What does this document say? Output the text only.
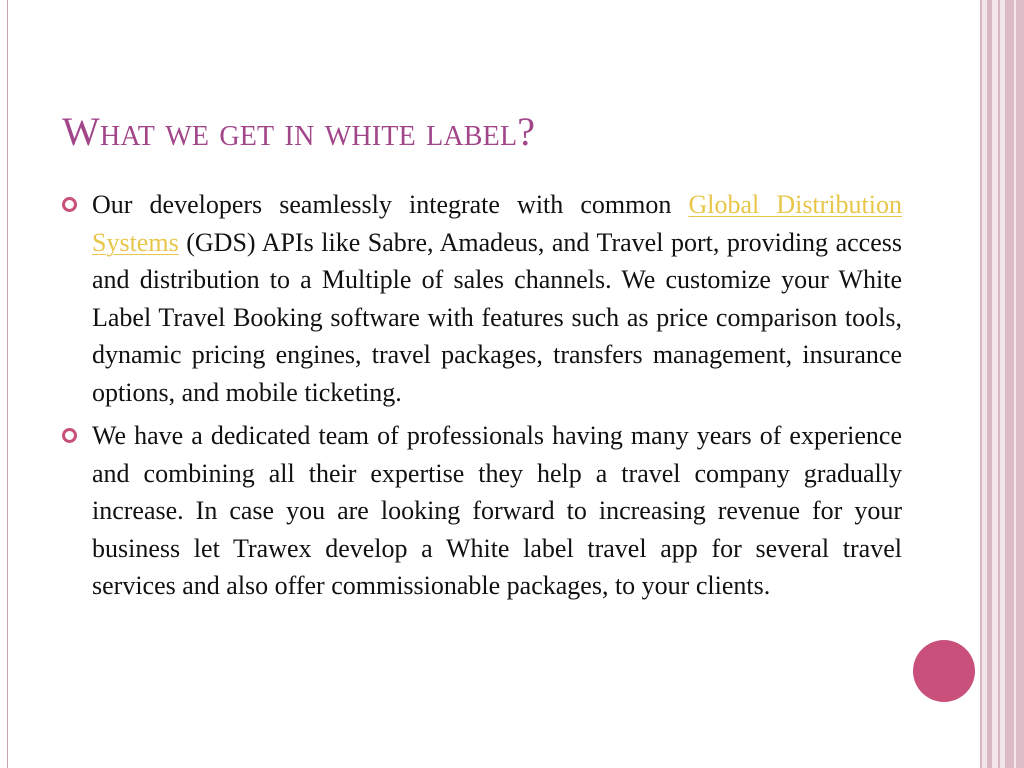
What we get in white label?

Our developers seamlessly integrate with common Global Distribution Systems (GDS) APIs like Sabre, Amadeus, and Travel port, providing access and distribution to a Multiple of sales channels. We customize your White Label Travel Booking software with features such as price comparison tools, dynamic pricing engines, travel packages, transfers management, insurance options, and mobile ticketing.

We have a dedicated team of professionals having many years of experience and combining all their expertise they help a travel company gradually increase. In case you are looking forward to increasing revenue for your business let Trawex develop a White label travel app for several travel services and also offer commissionable packages, to your clients.
